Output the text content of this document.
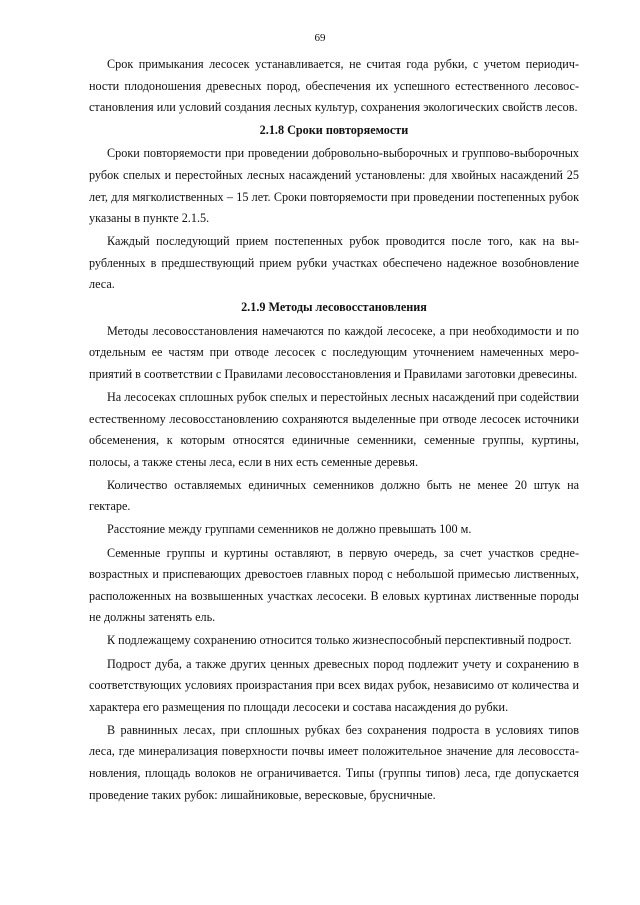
69

Срок примыкания лесосек устанавливается, не считая года рубки, с учетом периодичности плодоношения древесных пород, обеспечения их успешного естественного лесовосстановления или условий создания лесных культур, сохранения экологических свойств лесов.

2.1.8 Сроки повторяемости

Сроки повторяемости при проведении добровольно-выборочных и группово-выборочных рубок спелых и перестойных лесных насаждений установлены: для хвойных насаждений 25 лет, для мягколиственных – 15 лет. Сроки повторяемости при проведении постепенных рубок указаны в пункте 2.1.5.

Каждый последующий прием постепенных рубок проводится после того, как на вырубленных в предшествующий прием рубки участках обеспечено надежное возобновление леса.

2.1.9 Методы лесовосстановления

Методы лесовосстановления намечаются по каждой лесосеке, а при необходимости и по отдельным ее частям при отводе лесосек с последующим уточнением намеченных мероприятий в соответствии с Правилами лесовосстановления и Правилами заготовки древесины.

На лесосеках сплошных рубок спелых и перестойных лесных насаждений при содействии естественному лесовосстановлению сохраняются выделенные при отводе лесосек источники обсеменения, к которым относятся единичные семенники, семенные группы, куртины, полосы, а также стены леса, если в них есть семенные деревья.

Количество оставляемых единичных семенников должно быть не менее 20 штук на гектаре.

Расстояние между группами семенников не должно превышать 100 м.

Семенные группы и куртины оставляют, в первую очередь, за счет участков средневозрастных и приспевающих древостоев главных пород с небольшой примесью лиственных, расположенных на возвышенных участках лесосеки. В еловых куртинах лиственные породы не должны затенять ель.

К подлежащему сохранению относится только жизнеспособный перспективный подрост.

Подрост дуба, а также других ценных древесных пород подлежит учету и сохранению в соответствующих условиях произрастания при всех видах рубок, независимо от количества и характера его размещения по площади лесосеки и состава насаждения до рубки.

В равнинных лесах, при сплошных рубках без сохранения подроста в условиях типов леса, где минерализация поверхности почвы имеет положительное значение для лесовосстановления, площадь волоков не ограничивается. Типы (группы типов) леса, где допускается проведение таких рубок: лишайниковые, вересковые, брусничные.
